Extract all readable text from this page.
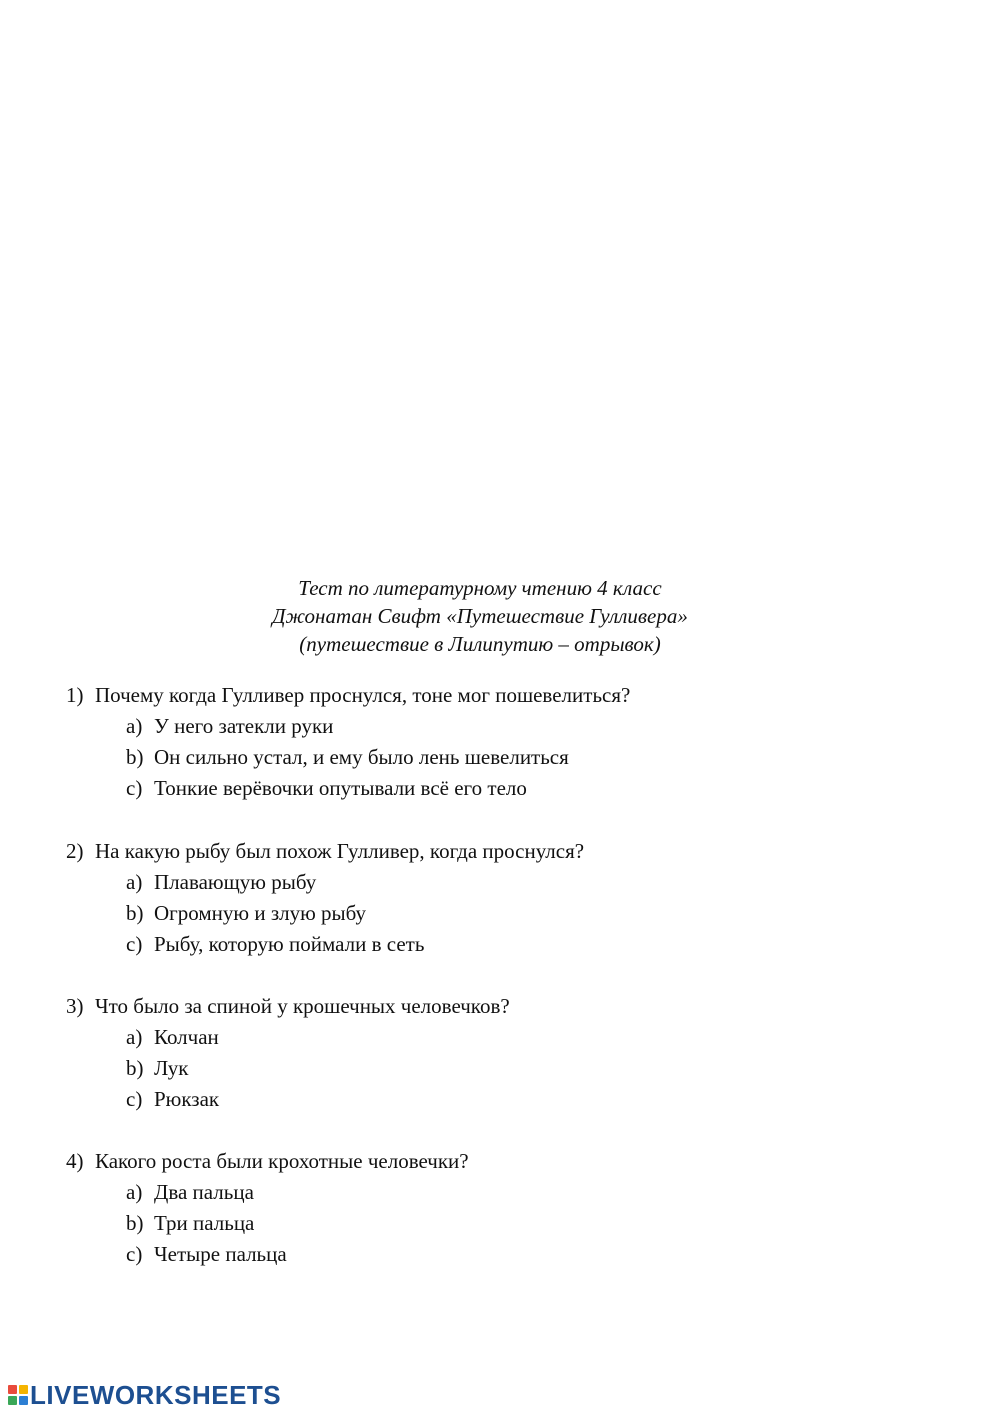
Тест по литературному чтению 4 класс
Джонатан Свифт «Путешествие Гулливера»
(путешествие в Лилипутию – отрывок)
1) Почему когда Гулливер проснулся, тоне мог пошевелиться?
a) У него затекли руки
b) Он сильно устал, и ему было лень шевелиться
c) Тонкие верёвочки опутывали всё его тело
2) На какую рыбу был похож Гулливер, когда проснулся?
a) Плавающую рыбу
b) Огромную и злую рыбу
c) Рыбу, которую поймали в сеть
3) Что было за спиной у крошечных человечков?
a) Колчан
b) Лук
c) Рюкзак
4) Какого роста были крохотные человечки?
a) Два пальца
b) Три пальца
c) Четыре пальца
LIVEWORKSHEETS
